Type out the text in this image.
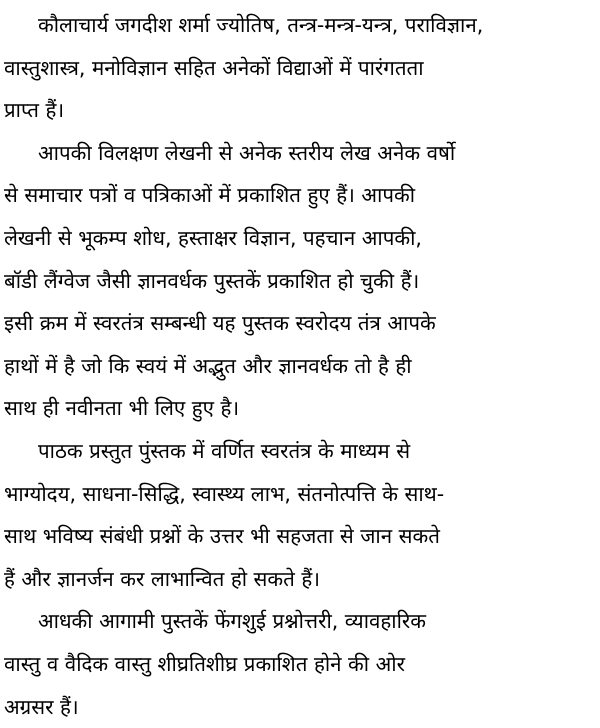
कौलाचार्य जगदीश शर्मा ज्योतिष, तन्त्र-मन्त्र-यन्त्र, पराविज्ञान,
वास्तुशास्त्र, मनोविज्ञान सहित अनेकों विद्याओं में पारंगतता
प्राप्त हैं।
आपकी विलक्षण लेखनी से अनेक स्तरीय लेख अनेक वर्षो
से समाचार पत्रों व पत्रिकाओं में प्रकाशित हुए हैं। आपकी
लेखनी से भूकम्प शोध, हस्ताक्षर विज्ञान, पहचान आपकी,
बॉडी लैंग्वेज जैसी ज्ञानवर्धक पुस्तकें प्रकाशित हो चुकी हैं।
इसी क्रम में स्वरतंत्र सम्बन्धी यह पुस्तक स्वरोदय तंत्र आपके
हाथों में है जो कि स्वयं में अद्भुत और ज्ञानवर्धक तो है ही
साथ ही नवीनता भी लिए हुए है।
पाठक प्रस्तुत पुंस्तक में वर्णित स्वरतंत्र के माध्यम से
भाग्योदय, साधना-सिद्धि, स्वास्थ्य लाभ, संतनोत्पत्ति के साथ-
साथ भविष्य संबंधी प्रश्नों के उत्तर भी सहजता से जान सकते
हैं और ज्ञानर्जन कर लाभान्वित हो सकते हैं।
आधकी आगामी पुस्तकें फेंगशुई प्रश्नोत्तरी, व्यावहारिक
वास्तु व वैदिक वास्तु शीघ्रतिशीघ्र प्रकाशित होने की ओर
अग्रसर हैं।
